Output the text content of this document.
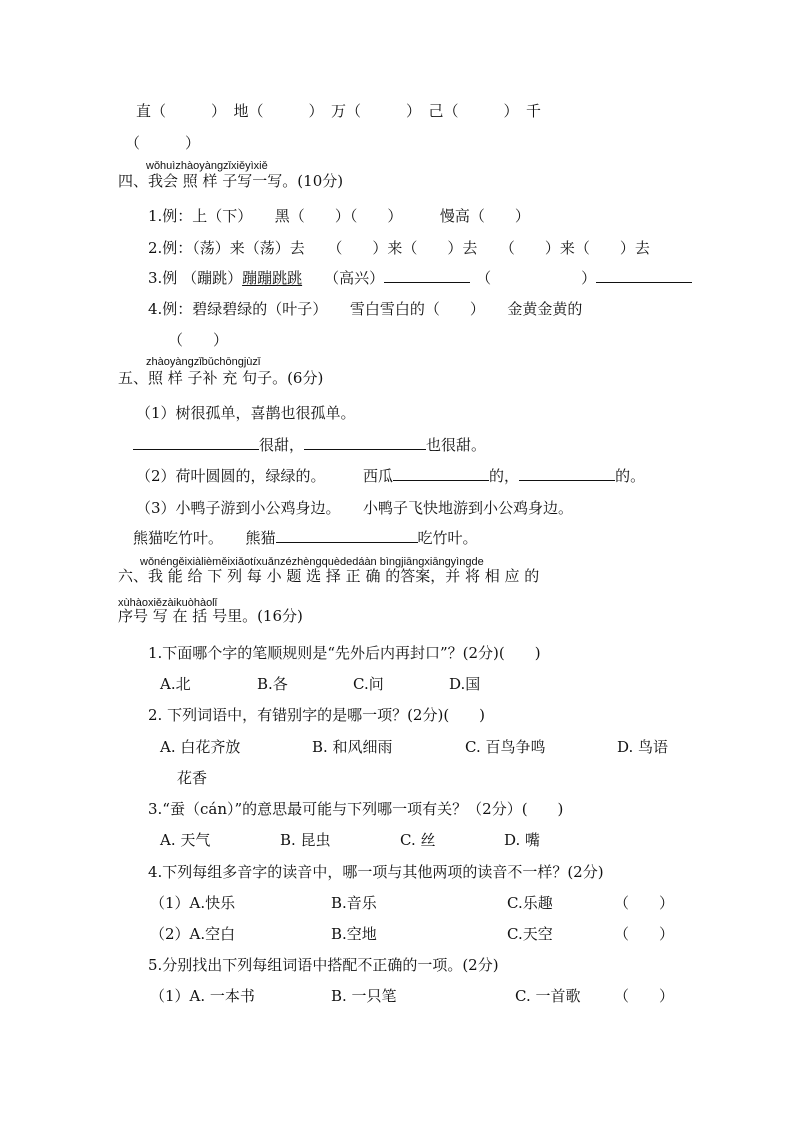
直（　　　）　地（　　　）　万（　　　）　己（　　　）　千
（　　　）
wǒhuìzhàoyàngzǐxiěyìxiě
四、我会 照 样 子写一写。(10分)
1.例：上（下）　　黑（　　）（　　）　　　慢高（　　）
2.例：（荡）来（荡）去　　（　　）来（　　）去　　（　　）来（　　）去
3.例 （蹦跳）蹦蹦跳跳 （高兴）	（　　　　　　）
4.例：碧绿碧绿的（叶子）　　雪白雪白的（　　）　　金黄金黄的
（　　）
zhàoyàngzǐbǔchōngjùzǐ
五、照 样 子补 充 句子。(6分)
（1）树很孤单，喜鹊也很孤单。
很甜，	也很甜。
（2）荷叶圆圆的，绿绿的。　　　西瓜	的，	的。
（3）小鸭子游到小公鸡身边。　　小鸭子飞快地游到小公鸡身边。
熊猫吃竹叶。　　熊猫	吃竹叶。
wǒnéngěixiàlièměixiǎotíxuǎnzézhèngquèdedáàn bìngjiāngxiāngyìngde
六、我 能 给 下 列 每 小 题 选 择 正 确 的答案，并 将 相 应 的
xùhàoxiězàikuòhàolǐ
序号 写 在 括 号里。(16分)
1.下面哪个字的笔顺规则是“先外后内再封口”？(2分)(　　)
A.北	B.各	C.问	D.国
2. 下列词语中，有错别字的是哪一项？(2分)(　　)
A. 白花齐放	B. 和风细雨	C. 百鸟争鸣	D. 鸟语
花香
3.“蚕（cán）”的意思最可能与下列哪一项有关？（2分）(　　)
A. 天气	B. 昆虫	C. 丝	D. 嘴
4.下列每组多音字的读音中，哪一项与其他两项的读音不一样？(2分)
（1）A.快乐	B.音乐	C.乐趣	（　　）
（2）A.空白	B.空地	C.天空	（　　）
5.分别找出下列每组词语中搭配不正确的一项。(2分)
（1）A. 一本书	B. 一只笔	C. 一首歌 （　　）
